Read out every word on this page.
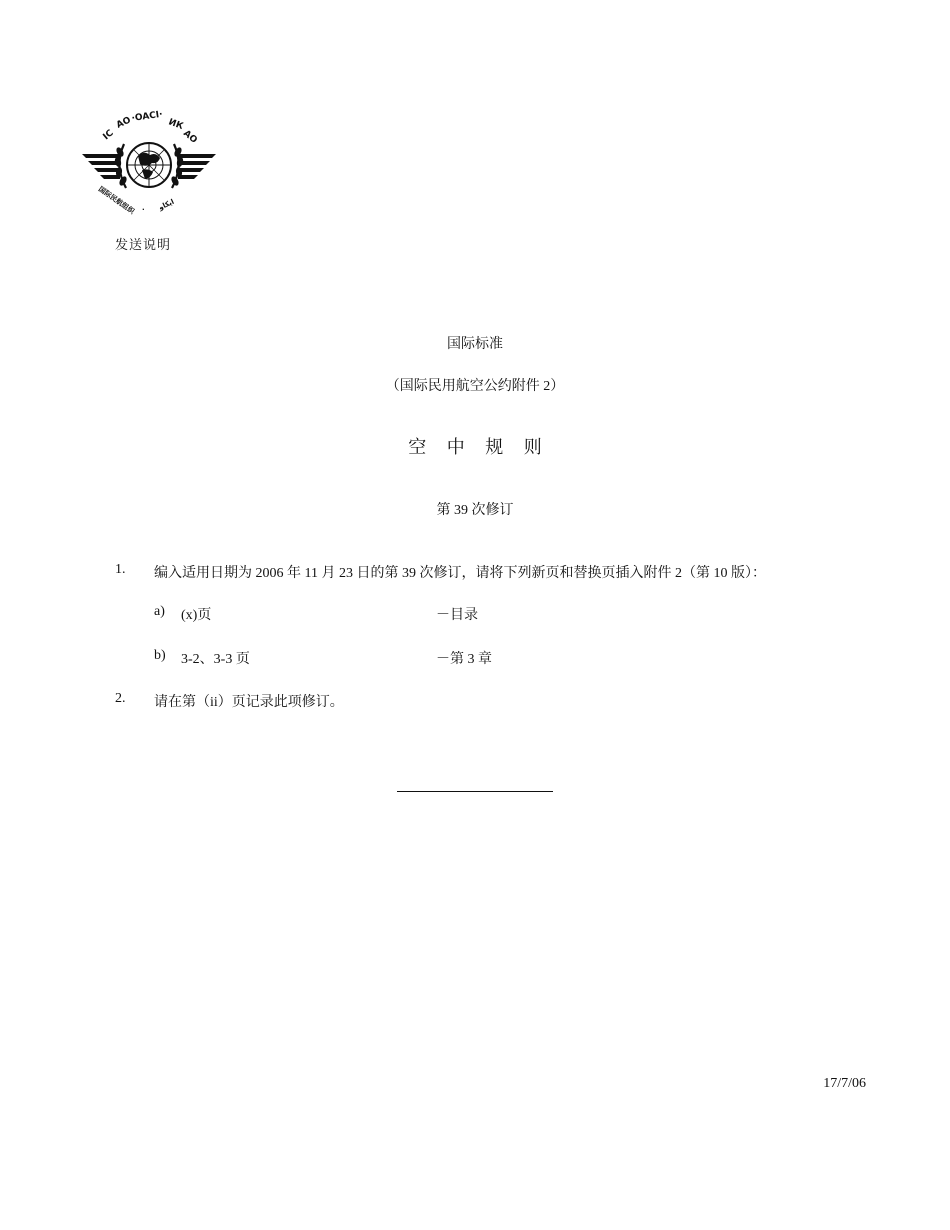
IC
AO
·OACI·
ИК
АО
国际民航组织 · ايكاو
发送说明
国际标准
（国际民用航空公约附件 2）
空 中 规 则
第 39 次修订
1. 编入适用日期为 2006 年 11 月 23 日的第 39 次修订，请将下列新页和替换页插入附件 2（第 10 版）：
a) (x)页	－目录
b) 3-2、3-3 页	－第 3 章
2. 请在第（ii）页记录此项修订。
17/7/06
